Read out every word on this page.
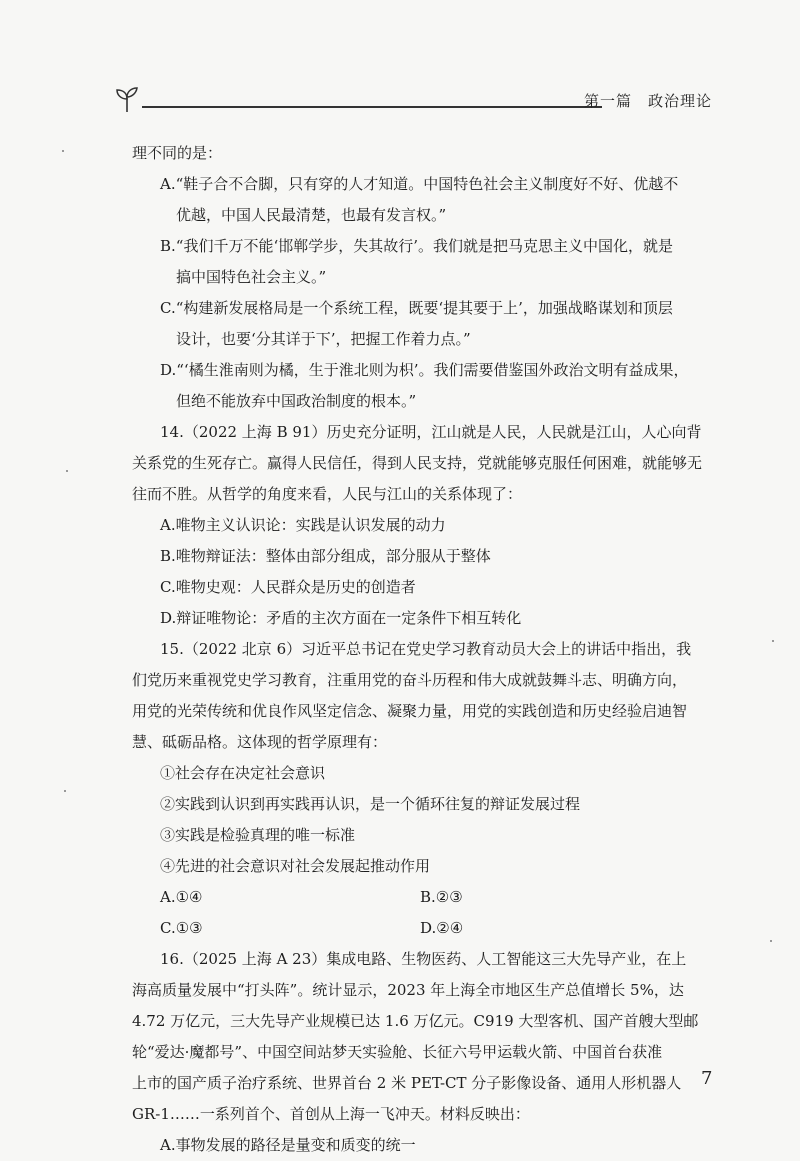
第一篇　政治理论
理不同的是：
A.“鞋子合不合脚，只有穿的人才知道。中国特色社会主义制度好不好、优越不
优越，中国人民最清楚，也最有发言权。”
B.“我们千万不能‘邯郸学步，失其故行’。我们就是把马克思主义中国化，就是
搞中国特色社会主义。”
C.“构建新发展格局是一个系统工程，既要‘提其要于上’，加强战略谋划和顶层
设计，也要‘分其详于下’，把握工作着力点。”
D.“‘橘生淮南则为橘，生于淮北则为枳’。我们需要借鉴国外政治文明有益成果，
但绝不能放弃中国政治制度的根本。”
14.（2022 上海 B 91）历史充分证明，江山就是人民，人民就是江山，人心向背
关系党的生死存亡。赢得人民信任，得到人民支持，党就能够克服任何困难，就能够无
往而不胜。从哲学的角度来看，人民与江山的关系体现了：
A.唯物主义认识论：实践是认识发展的动力
B.唯物辩证法：整体由部分组成，部分服从于整体
C.唯物史观：人民群众是历史的创造者
D.辩证唯物论：矛盾的主次方面在一定条件下相互转化
15.（2022 北京 6）习近平总书记在党史学习教育动员大会上的讲话中指出，我
们党历来重视党史学习教育，注重用党的奋斗历程和伟大成就鼓舞斗志、明确方向，
用党的光荣传统和优良作风坚定信念、凝聚力量，用党的实践创造和历史经验启迪智
慧、砥砺品格。这体现的哲学原理有：
①社会存在决定社会意识
②实践到认识到再实践再认识，是一个循环往复的辩证发展过程
③实践是检验真理的唯一标准
④先进的社会意识对社会发展起推动作用
A.①④	B.②③
C.①③	D.②④
16.（2025 上海 A 23）集成电路、生物医药、人工智能这三大先导产业，在上
海高质量发展中“打头阵”。统计显示，2023 年上海全市地区生产总值增长 5%，达
4.72 万亿元，三大先导产业规模已达 1.6 万亿元。C919 大型客机、国产首艘大型邮
轮“爱达·魔都号”、中国空间站梦天实验舱、长征六号甲运载火箭、中国首台获准
上市的国产质子治疗系统、世界首台 2 米 PET-CT 分子影像设备、通用人形机器人
GR-1……一系列首个、首创从上海一飞冲天。材料反映出：
A.事物发展的路径是量变和质变的统一
7
